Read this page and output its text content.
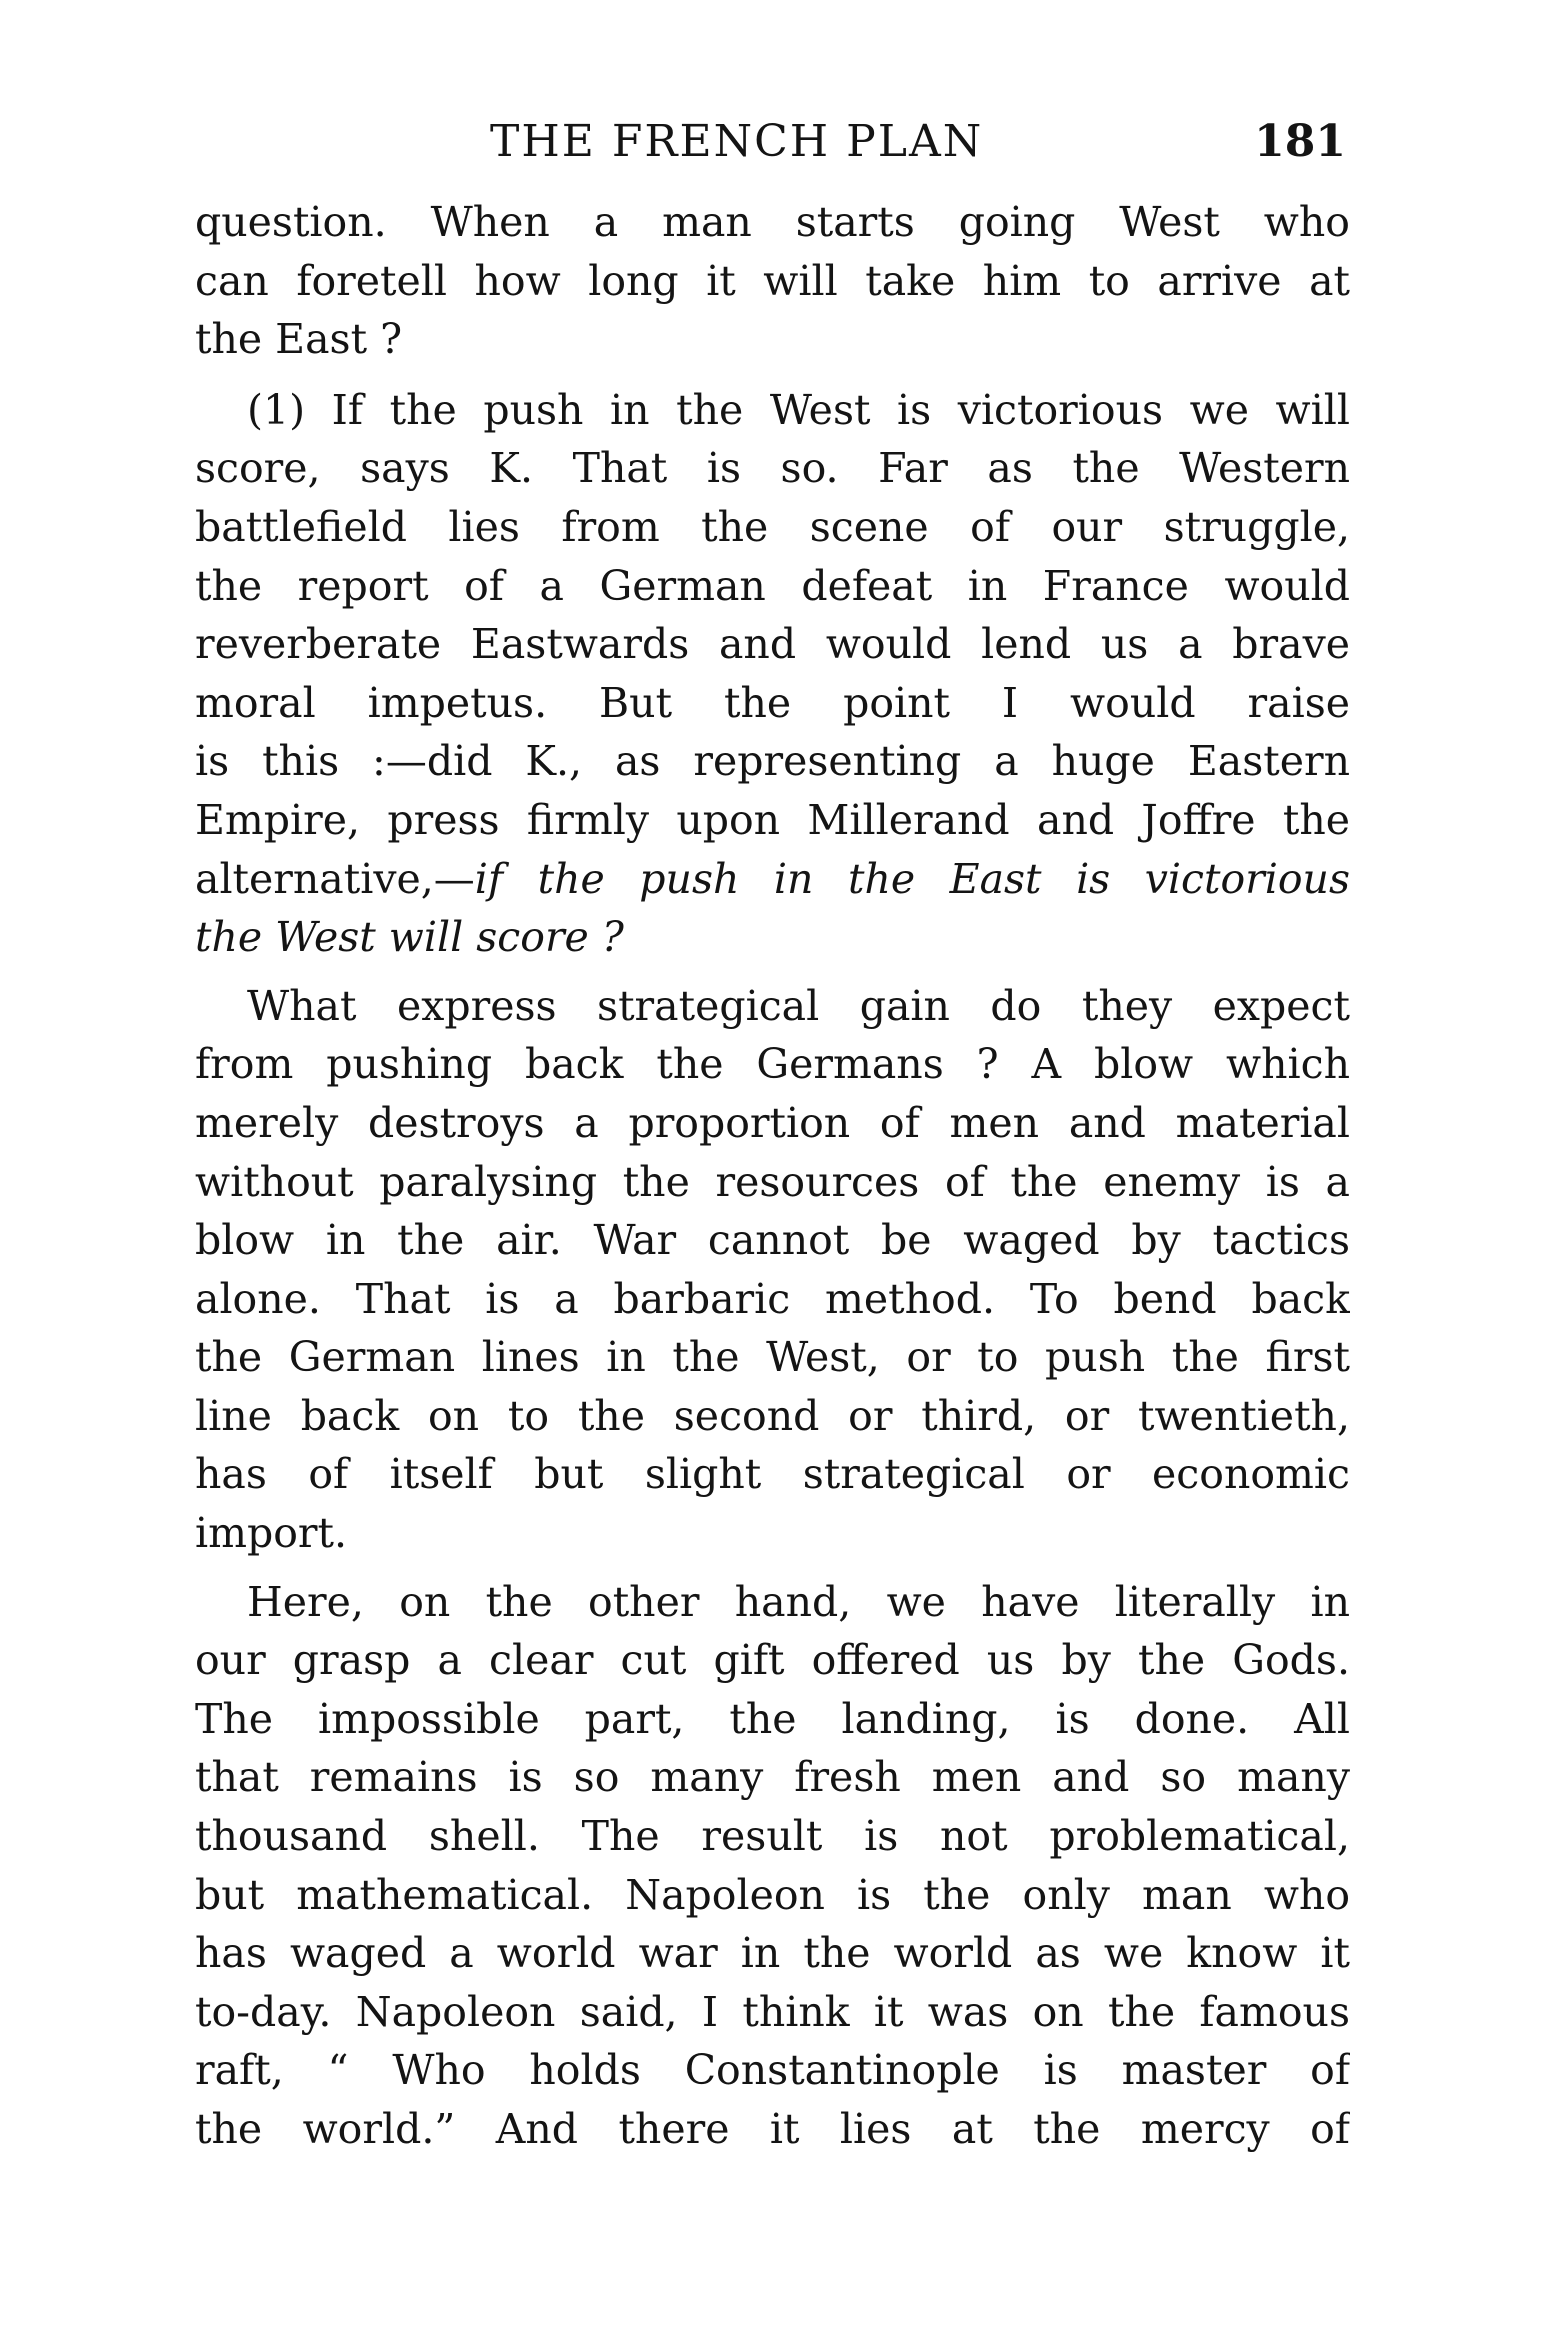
THE FRENCH PLAN	181
question. When a man starts going West who
can foretell how long it will take him to arrive at
the East ?
(1) If the push in the West is victorious we will
score, says K. That is so. Far as the Western
battlefield lies from the scene of our struggle,
the report of a German defeat in France would
reverberate Eastwards and would lend us a brave
moral impetus. But the point I would raise
is this :—did K., as representing a huge Eastern
Empire, press firmly upon Millerand and Joffre the
alternative,—if the push in the East is victorious
the West will score ?
What express strategical gain do they expect
from pushing back the Germans ? A blow which
merely destroys a proportion of men and material
without paralysing the resources of the enemy is a
blow in the air. War cannot be waged by tactics
alone. That is a barbaric method. To bend back
the German lines in the West, or to push the first
line back on to the second or third, or twentieth,
has of itself but slight strategical or economic
import.
Here, on the other hand, we have literally in
our grasp a clear cut gift offered us by the Gods.
The impossible part, the landing, is done. All
that remains is so many fresh men and so many
thousand shell. The result is not problematical,
but mathematical. Napoleon is the only man who
has waged a world war in the world as we know it
to-day. Napoleon said, I think it was on the famous
raft, “ Who holds Constantinople is master of
the world.” And there it lies at the mercy of
